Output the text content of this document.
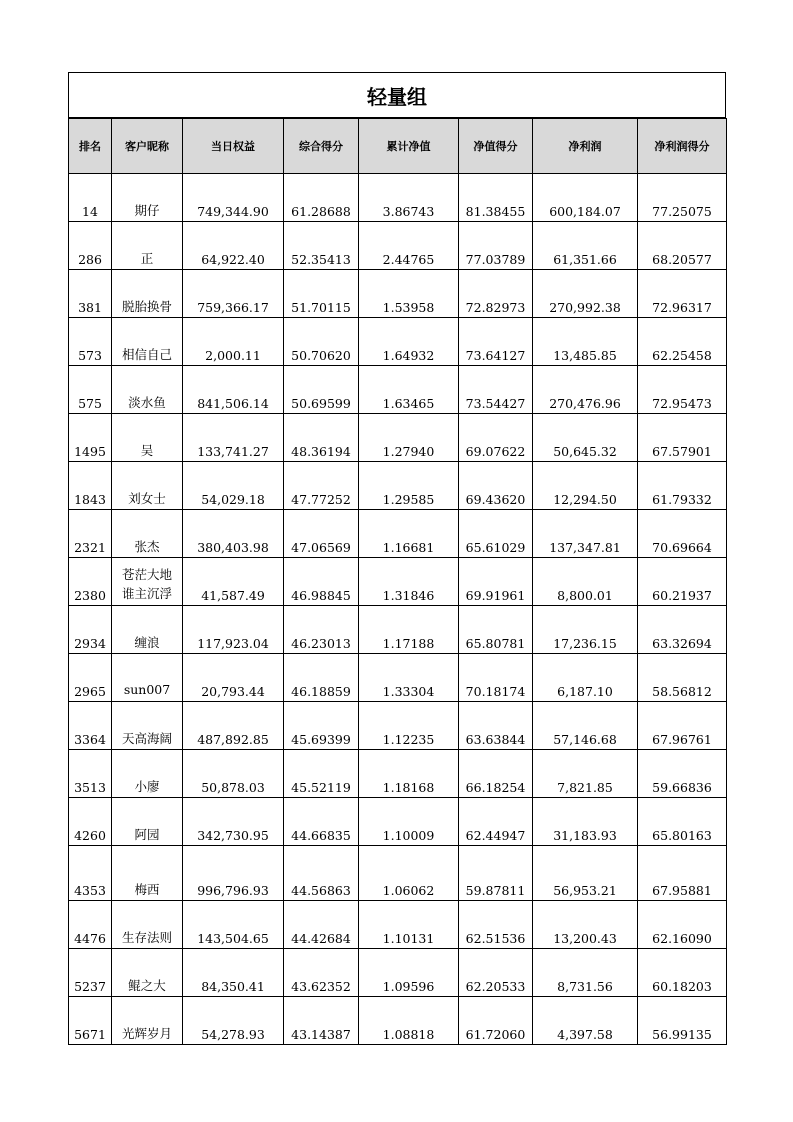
轻量组
排名	客户昵称	当日权益	综合得分	累计净值	净值得分	净利润	净利润得分
14	期仔	749,344.90	61.28688	3.86743	81.38455	600,184.07	77.25075
286	正	64,922.40	52.35413	2.44765	77.03789	61,351.66	68.20577
381	脱胎换骨	759,366.17	51.70115	1.53958	72.82973	270,992.38	72.96317
573	相信自己	2,000.11	50.70620	1.64932	73.64127	13,485.85	62.25458
575	淡水鱼	841,506.14	50.69599	1.63465	73.54427	270,476.96	72.95473
1495	吴	133,741.27	48.36194	1.27940	69.07622	50,645.32	67.57901
1843	刘女士	54,029.18	47.77252	1.29585	69.43620	12,294.50	61.79332
2321	张杰	380,403.98	47.06569	1.16681	65.61029	137,347.81	70.69664
2380	苍茫大地谁主沉浮	41,587.49	46.98845	1.31846	69.91961	8,800.01	60.21937
2934	缠浪	117,923.04	46.23013	1.17188	65.80781	17,236.15	63.32694
2965	sun007	20,793.44	46.18859	1.33304	70.18174	6,187.10	58.56812
3364	天高海阔	487,892.85	45.69399	1.12235	63.63844	57,146.68	67.96761
3513	小廖	50,878.03	45.52119	1.18168	66.18254	7,821.85	59.66836
4260	阿园	342,730.95	44.66835	1.10009	62.44947	31,183.93	65.80163
4353	梅西	996,796.93	44.56863	1.06062	59.87811	56,953.21	67.95881
4476	生存法则	143,504.65	44.42684	1.10131	62.51536	13,200.43	62.16090
5237	鲲之大	84,350.41	43.62352	1.09596	62.20533	8,731.56	60.18203
5671	光辉岁月	54,278.93	43.14387	1.08818	61.72060	4,397.58	56.99135
